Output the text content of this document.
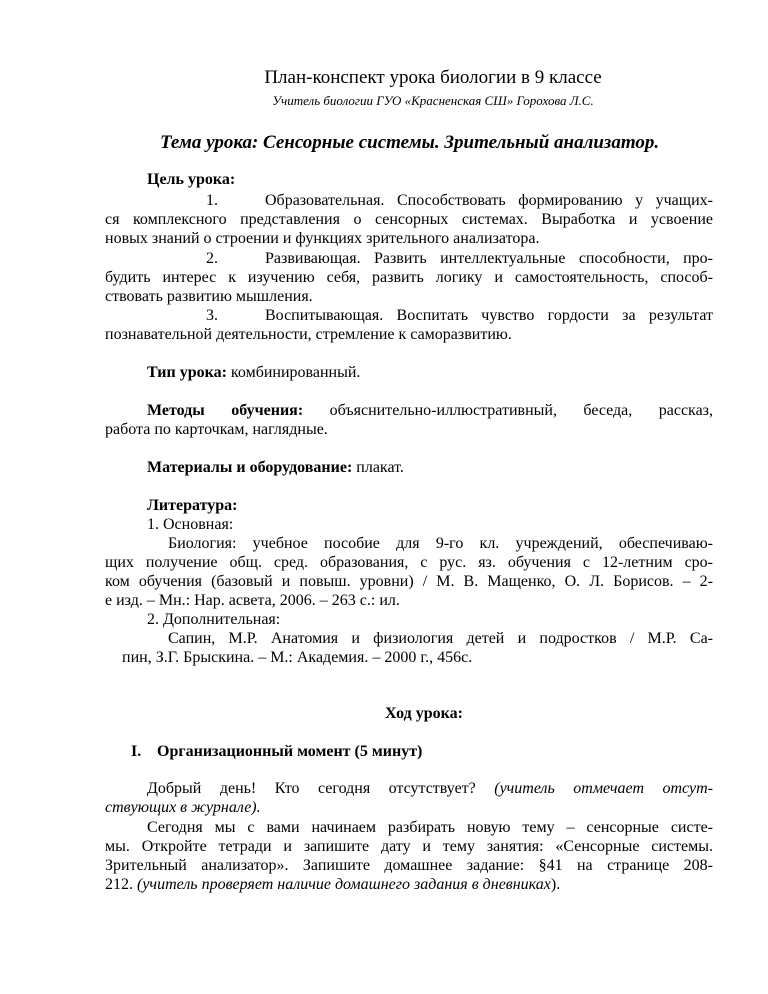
План-конспект урока биологии в 9 классе
Учитель биологии ГУО «Красненская СШ» Горохова Л.С.
Тема урока: Сенсорные системы. Зрительный анализатор.
Цель урока:
1.	Образовательная. Способствовать формированию у учащих-
ся комплексного представления о сенсорных системах. Выработка и усвоение
новых знаний о строении и функциях зрительного анализатора.
2.	Развивающая. Развить интеллектуальные способности, про-
будить интерес к изучению себя, развить логику и самостоятельность, способ-
ствовать развитию мышления.
3.	Воспитывающая. Воспитать чувство гордости за результат
познавательной деятельности, стремление к саморазвитию.
Тип урока: комбинированный.
Методы обучения: объяснительно-иллюстративный, беседа, рассказ,
работа по карточкам, наглядные.
Материалы и оборудование: плакат.
Литература:
1. Основная:
Биология: учебное пособие для 9-го кл. учреждений, обеспечиваю-
щих получение общ. сред. образования, с рус. яз. обучения с 12-летним сро-
ком обучения (базовый и повыш. уровни) / М. В. Мащенко, О. Л. Борисов. – 2-
е изд. – Мн.: Нар. асвета, 2006. – 263 с.: ил.
2. Дополнительная:
Сапин, М.Р. Анатомия и физиология детей и подростков / М.Р. Са-
пин, З.Г. Брыскина. – М.: Академия. – 2000 г., 456с.
Ход урока:
I. Организационный момент (5 минут)
Добрый день! Кто сегодня отсутствует? (учитель отмечает отсут-
ствующих в журнале).
Сегодня мы с вами начинаем разбирать новую тему – сенсорные систе-
мы. Откройте тетради и запишите дату и тему занятия: «Сенсорные системы.
Зрительный анализатор». Запишите домашнее задание: §41 на странице 208-
212. (учитель проверяет наличие домашнего задания в дневниках).
